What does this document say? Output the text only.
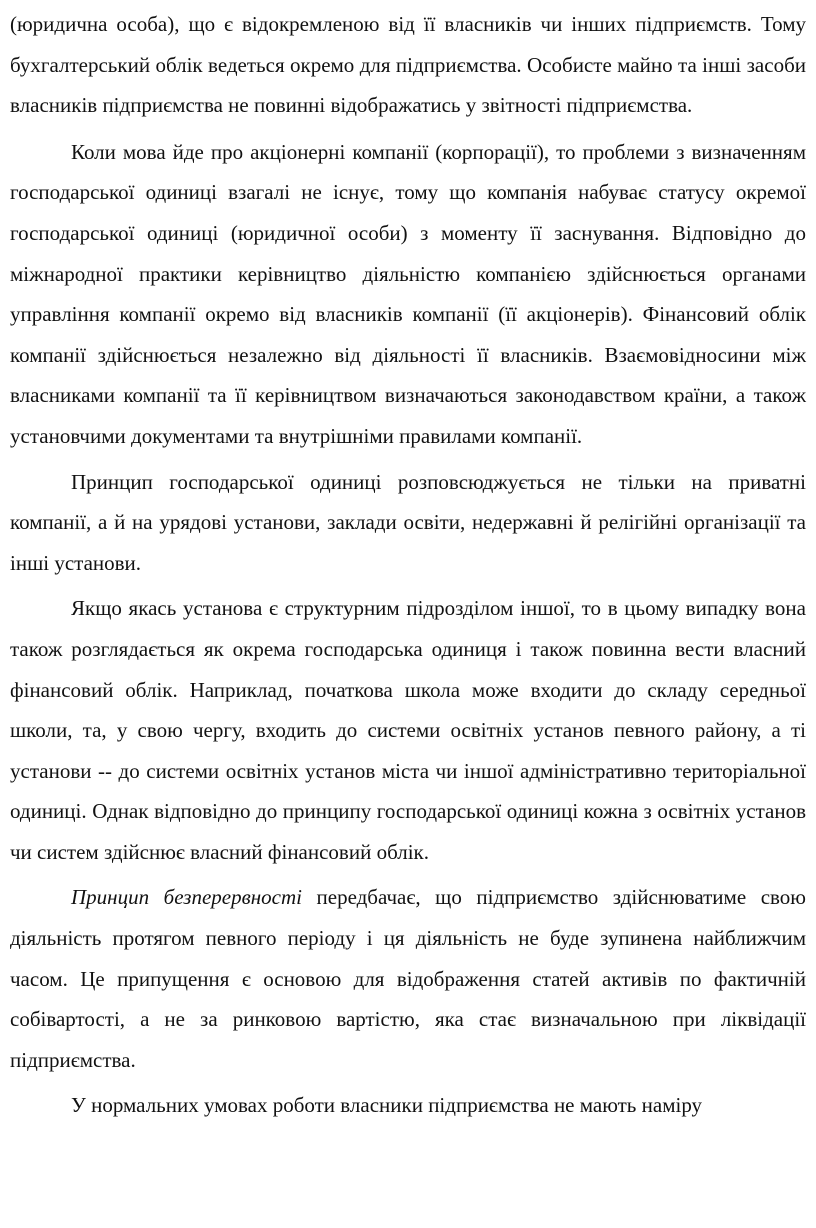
(юридична особа), що є відокремленою від її власників чи інших підприємств. Тому бухгалтерський облік ведеться окремо для підприємства. Особисте майно та інші засоби власників підприємства не повинні відображатись у звітності підприємства.

Коли мова йде про акціонерні компанії (корпорації), то проблеми з визначенням господарської одиниці взагалі не існує, тому що компанія набуває статусу окремої господарської одиниці (юридичної особи) з моменту її заснування. Відповідно до міжнародної практики керівництво діяльністю компанією здійснюється органами управління компанії окремо від власників компанії (її акціонерів). Фінансовий облік компанії здійснюється незалежно від діяльності її власників. Взаємовідносини між власниками компанії та її керівництвом визначаються законодавством країни, а також установчими документами та внутрішніми правилами компанії.

Принцип господарської одиниці розповсюджується не тільки на приватні компанії, а й на урядові установи, заклади освіти, недержавні й релігійні організації та інші установи.

Якщо якась установа є структурним підрозділом іншої, то в цьому випадку вона також розглядається як окрема господарська одиниця і також повинна вести власний фінансовий облік. Наприклад, початкова школа може входити до складу середньої школи, та, у свою чергу, входить до системи освітніх установ певного району, а ті установи -- до системи освітніх установ міста чи іншої адміністративно територіальної одиниці. Однак відповідно до принципу господарської одиниці кожна з освітніх установ чи систем здійснює власний фінансовий облік.

Принцип безперервності передбачає, що підприємство здійснюватиме свою діяльність протягом певного періоду і ця діяльність не буде зупинена найближчим часом. Це припущення є основою для відображення статей активів по фактичній собівартості, а не за ринковою вартістю, яка стає визначальною при ліквідації підприємства.

У нормальних умовах роботи власники підприємства не мають наміру
